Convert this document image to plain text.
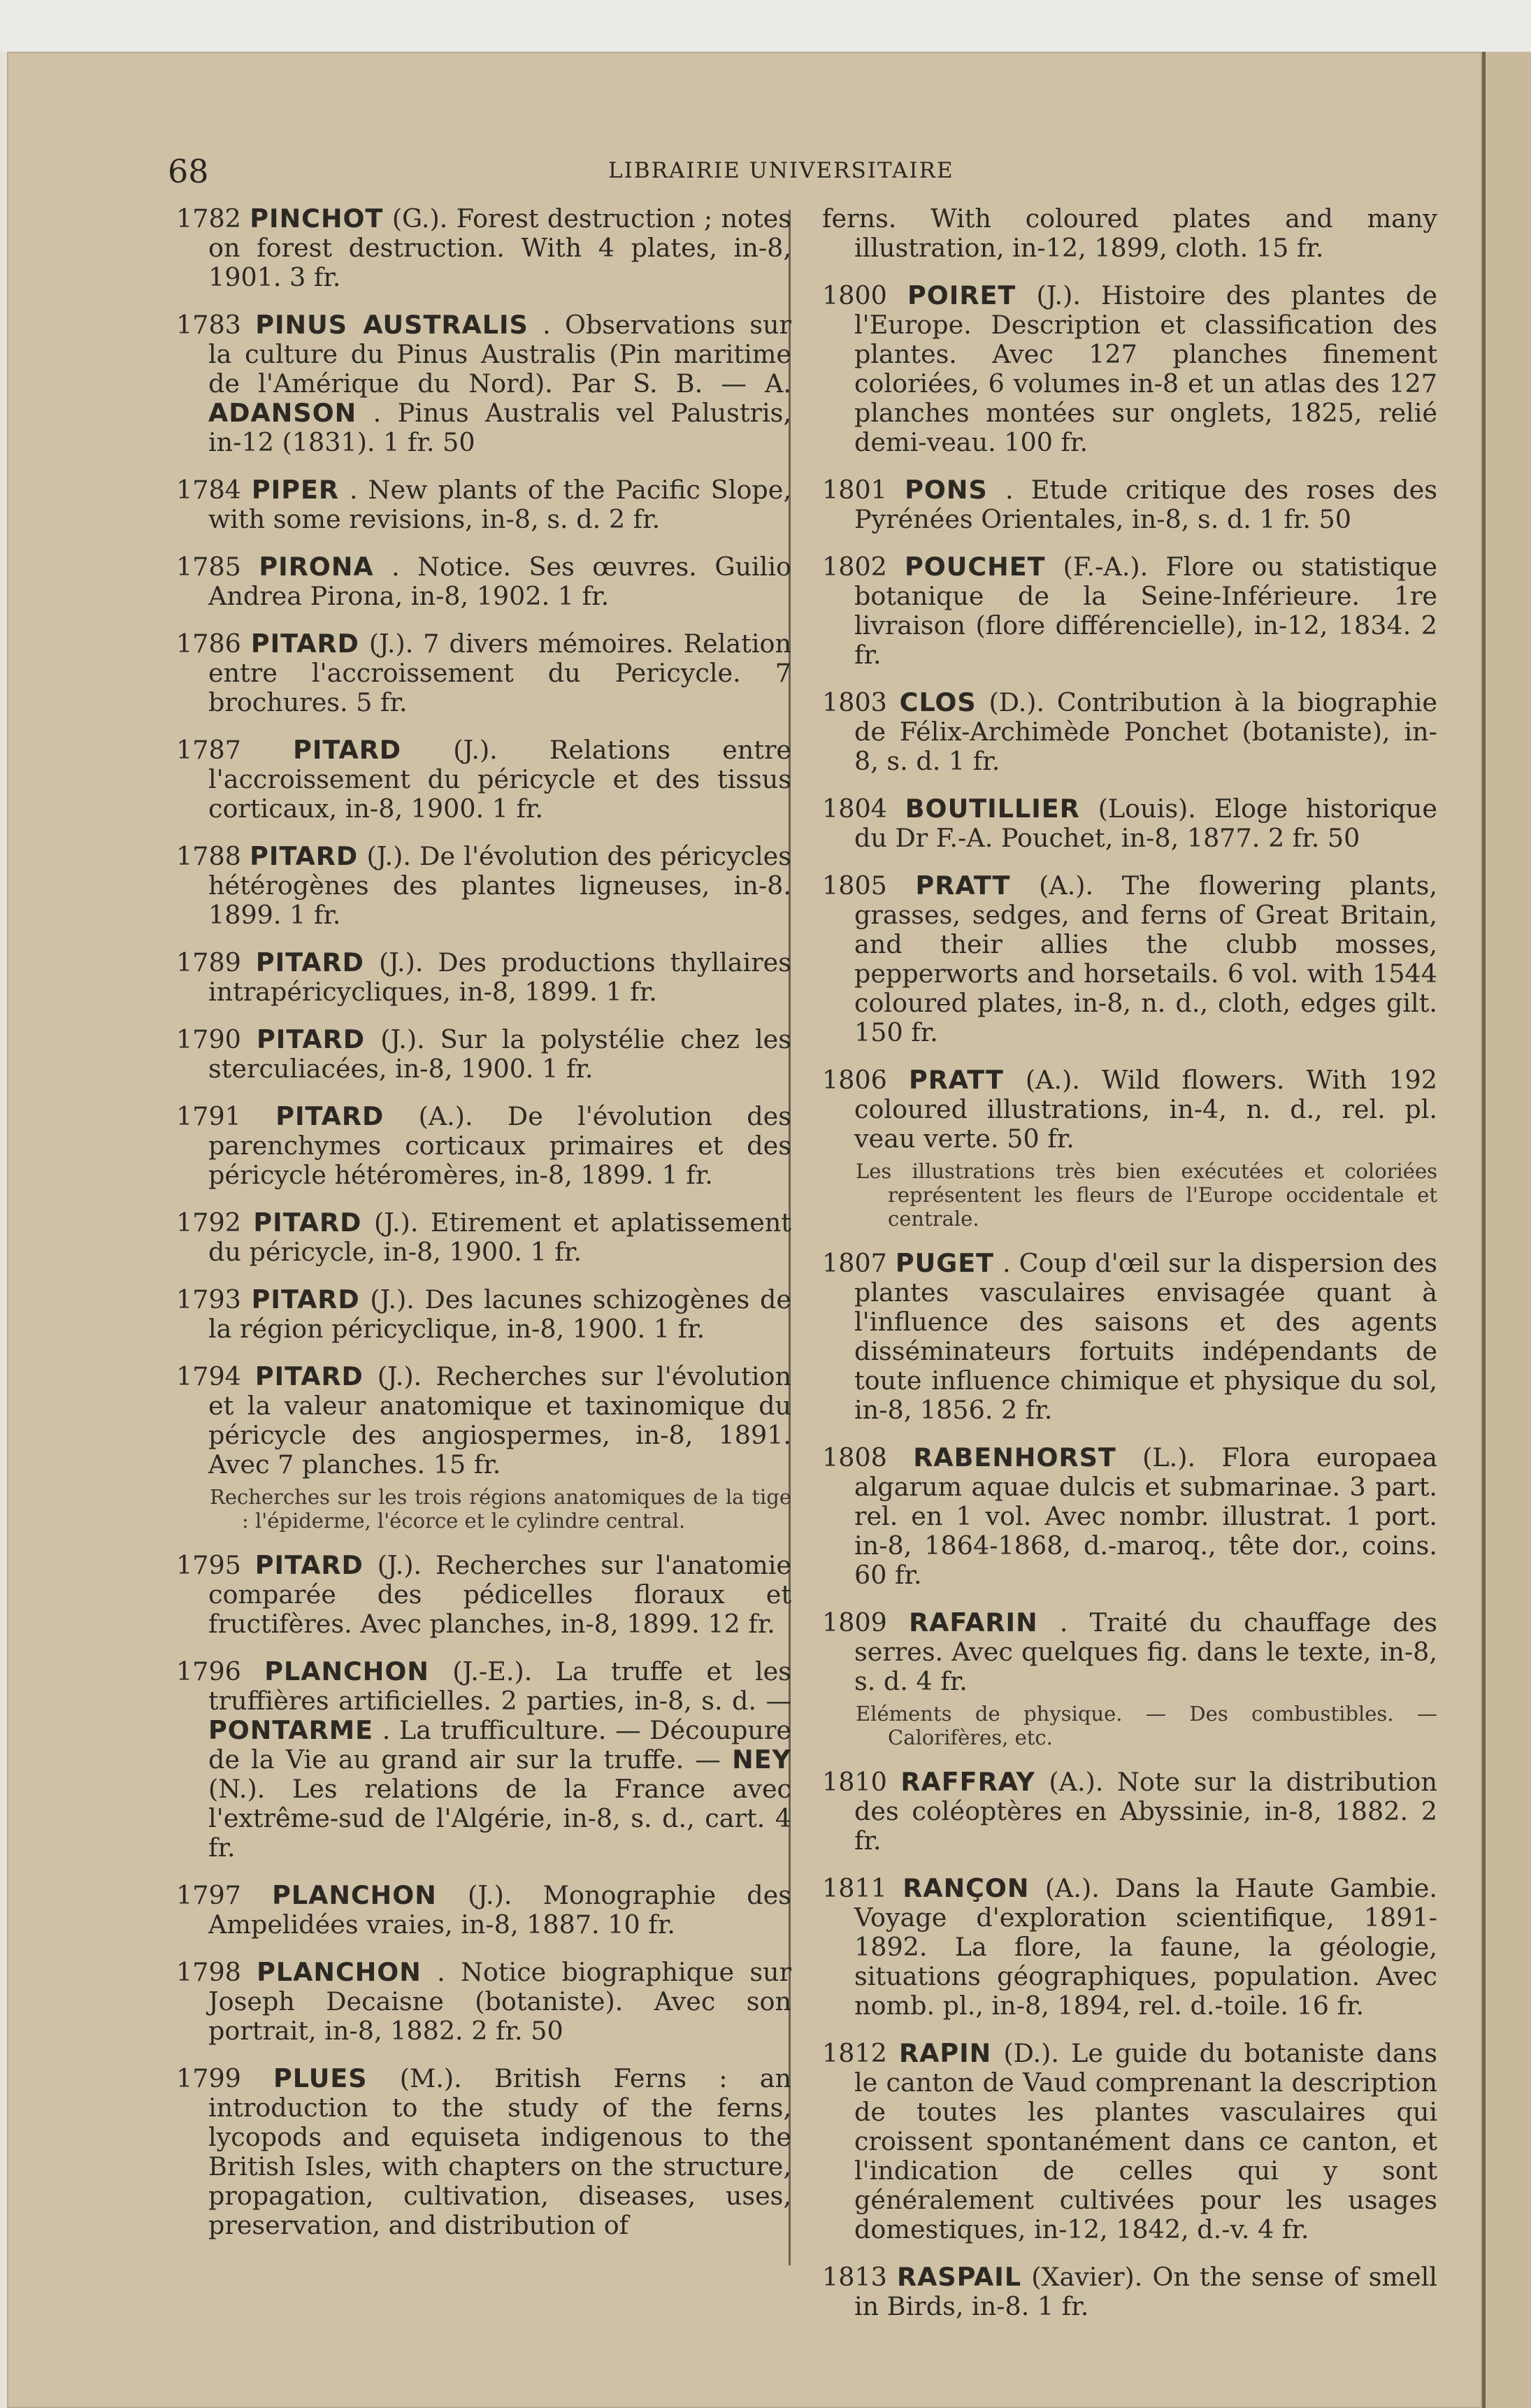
68	LIBRAIRIE UNIVERSITAIRE
1782 PINCHOT (G.). Forest destruction ; notes on forest destruction. With 4 plates, in-8, 1901. 3 fr.
1783 PINUS AUSTRALIS . Observations sur la culture du Pinus Australis (Pin maritime de l'Amérique du Nord). Par S. B. — A. ADANSON . Pinus Australis vel Palustris, in-12 (1831). 1 fr. 50
1784 PIPER . New plants of the Pacific Slope, with some revisions, in-8, s. d. 2 fr.
1785 PIRONA . Notice. Ses œuvres. Guilio Andrea Pirona, in-8, 1902. 1 fr.
1786 PITARD (J.). 7 divers mémoires. Relation entre l'accroissement du Pericycle. 7 brochures. 5 fr.
1787 PITARD (J.). Relations entre l'accroissement du péricycle et des tissus corticaux, in-8, 1900. 1 fr.
1788 PITARD (J.). De l'évolution des péricycles hétérogènes des plantes ligneuses, in-8. 1899. 1 fr.
1789 PITARD (J.). Des productions thyllaires intrapéricycliques, in-8, 1899. 1 fr.
1790 PITARD (J.). Sur la polystélie chez les sterculiacées, in-8, 1900. 1 fr.
1791 PITARD (A.). De l'évolution des parenchymes corticaux primaires et des péricycle hétéromères, in-8, 1899. 1 fr.
1792 PITARD (J.). Etirement et aplatissement du péricycle, in-8, 1900. 1 fr.
1793 PITARD (J.). Des lacunes schizogènes de la région péricyclique, in-8, 1900. 1 fr.
1794 PITARD (J.). Recherches sur l'évolution et la valeur anatomique et taxinomique du péricycle des angiospermes, in-8, 1891. Avec 7 planches. 15 fr.
Recherches sur les trois régions anatomiques de la tige : l'épiderme, l'écorce et le cylindre central.
1795 PITARD (J.). Recherches sur l'anatomie comparée des pédicelles floraux et fructifères. Avec planches, in-8, 1899. 12 fr.
1796 PLANCHON (J.-E.). La truffe et les truffières artificielles. 2 parties, in-8, s. d. — PONTARME . La trufficulture. — Découpure de la Vie au grand air sur la truffe. — NEY (N.). Les relations de la France avec l'extrême-sud de l'Algérie, in-8, s. d., cart. 4 fr.
1797 PLANCHON (J.). Monographie des Ampelidées vraies, in-8, 1887. 10 fr.
1798 PLANCHON . Notice biographique sur Joseph Decaisne (botaniste). Avec son portrait, in-8, 1882. 2 fr. 50
1799 PLUES (M.). British Ferns : an introduction to the study of the ferns, lycopods and equiseta indigenous to the British Isles, with chapters on the structure, propagation, cultivation, diseases, uses, preservation, and distribution of
ferns. With coloured plates and many illustration, in-12, 1899, cloth. 15 fr.
1800 POIRET (J.). Histoire des plantes de l'Europe. Description et classification des plantes. Avec 127 planches finement coloriées, 6 volumes in-8 et un atlas des 127 planches montées sur onglets, 1825, relié demi-veau. 100 fr.
1801 PONS . Etude critique des roses des Pyrénées Orientales, in-8, s. d. 1 fr. 50
1802 POUCHET (F.-A.). Flore ou statistique botanique de la Seine-Inférieure. 1re livraison (flore différencielle), in-12, 1834. 2 fr.
1803 CLOS (D.). Contribution à la biographie de Félix-Archimède Ponchet (botaniste), in-8, s. d. 1 fr.
1804 BOUTILLIER (Louis). Eloge historique du Dr F.-A. Pouchet, in-8, 1877. 2 fr. 50
1805 PRATT (A.). The flowering plants, grasses, sedges, and ferns of Great Britain, and their allies the clubb mosses, pepperworts and horsetails. 6 vol. with 1544 coloured plates, in-8, n. d., cloth, edges gilt. 150 fr.
1806 PRATT (A.). Wild flowers. With 192 coloured illustrations, in-4, n. d., rel. pl. veau verte. 50 fr.
Les illustrations très bien exécutées et coloriées représentent les fleurs de l'Europe occidentale et centrale.
1807 PUGET . Coup d'œil sur la dispersion des plantes vasculaires envisagée quant à l'influence des saisons et des agents disséminateurs fortuits indépendants de toute influence chimique et physique du sol, in-8, 1856. 2 fr.
1808 RABENHORST (L.). Flora europaea algarum aquae dulcis et submarinae. 3 part. rel. en 1 vol. Avec nombr. illustrat. 1 port. in-8, 1864-1868, d.-maroq., tête dor., coins. 60 fr.
1809 RAFARIN . Traité du chauffage des serres. Avec quelques fig. dans le texte, in-8, s. d. 4 fr.
Eléments de physique. — Des combustibles. — Calorifères, etc.
1810 RAFFRAY (A.). Note sur la distribution des coléoptères en Abyssinie, in-8, 1882. 2 fr.
1811 RANÇON (A.). Dans la Haute Gambie. Voyage d'exploration scientifique, 1891-1892. La flore, la faune, la géologie, situations géographiques, population. Avec nomb. pl., in-8, 1894, rel. d.-toile. 16 fr.
1812 RAPIN (D.). Le guide du botaniste dans le canton de Vaud comprenant la description de toutes les plantes vasculaires qui croissent spontanément dans ce canton, et l'indication de celles qui y sont généralement cultivées pour les usages domestiques, in-12, 1842, d.-v. 4 fr.
1813 RASPAIL (Xavier). On the sense of smell in Birds, in-8. 1 fr.
